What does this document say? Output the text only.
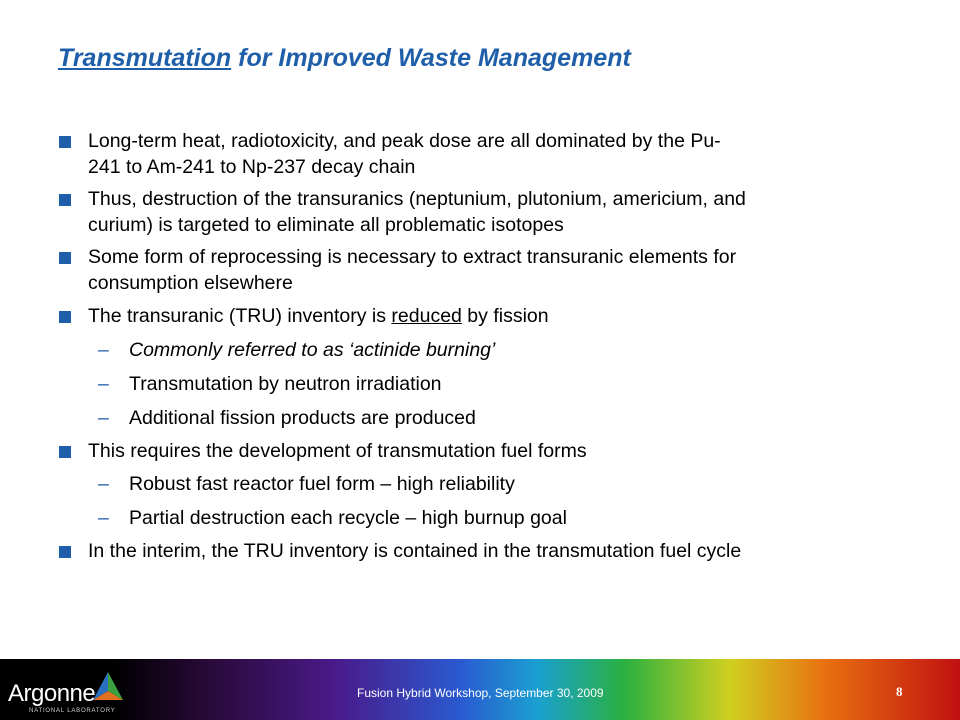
Transmutation for Improved Waste Management
Long-term heat, radiotoxicity, and peak dose are all dominated by the Pu-
241 to Am-241 to Np-237 decay chain
Thus, destruction of the transuranics (neptunium, plutonium, americium, and
curium) is targeted to eliminate all problematic isotopes
Some form of reprocessing is necessary to extract transuranic elements for
consumption elsewhere
The transuranic (TRU) inventory is reduced by fission
– Commonly referred to as ‘actinide burning’
– Transmutation by neutron irradiation
– Additional fission products are produced
This requires the development of transmutation fuel forms
– Robust fast reactor fuel form – high reliability
– Partial destruction each recycle – high burnup goal
In the interim, the TRU inventory is contained in the transmutation fuel cycle
Argonne
NATIONAL LABORATORY
Fusion Hybrid Workshop, September 30, 2009	8
